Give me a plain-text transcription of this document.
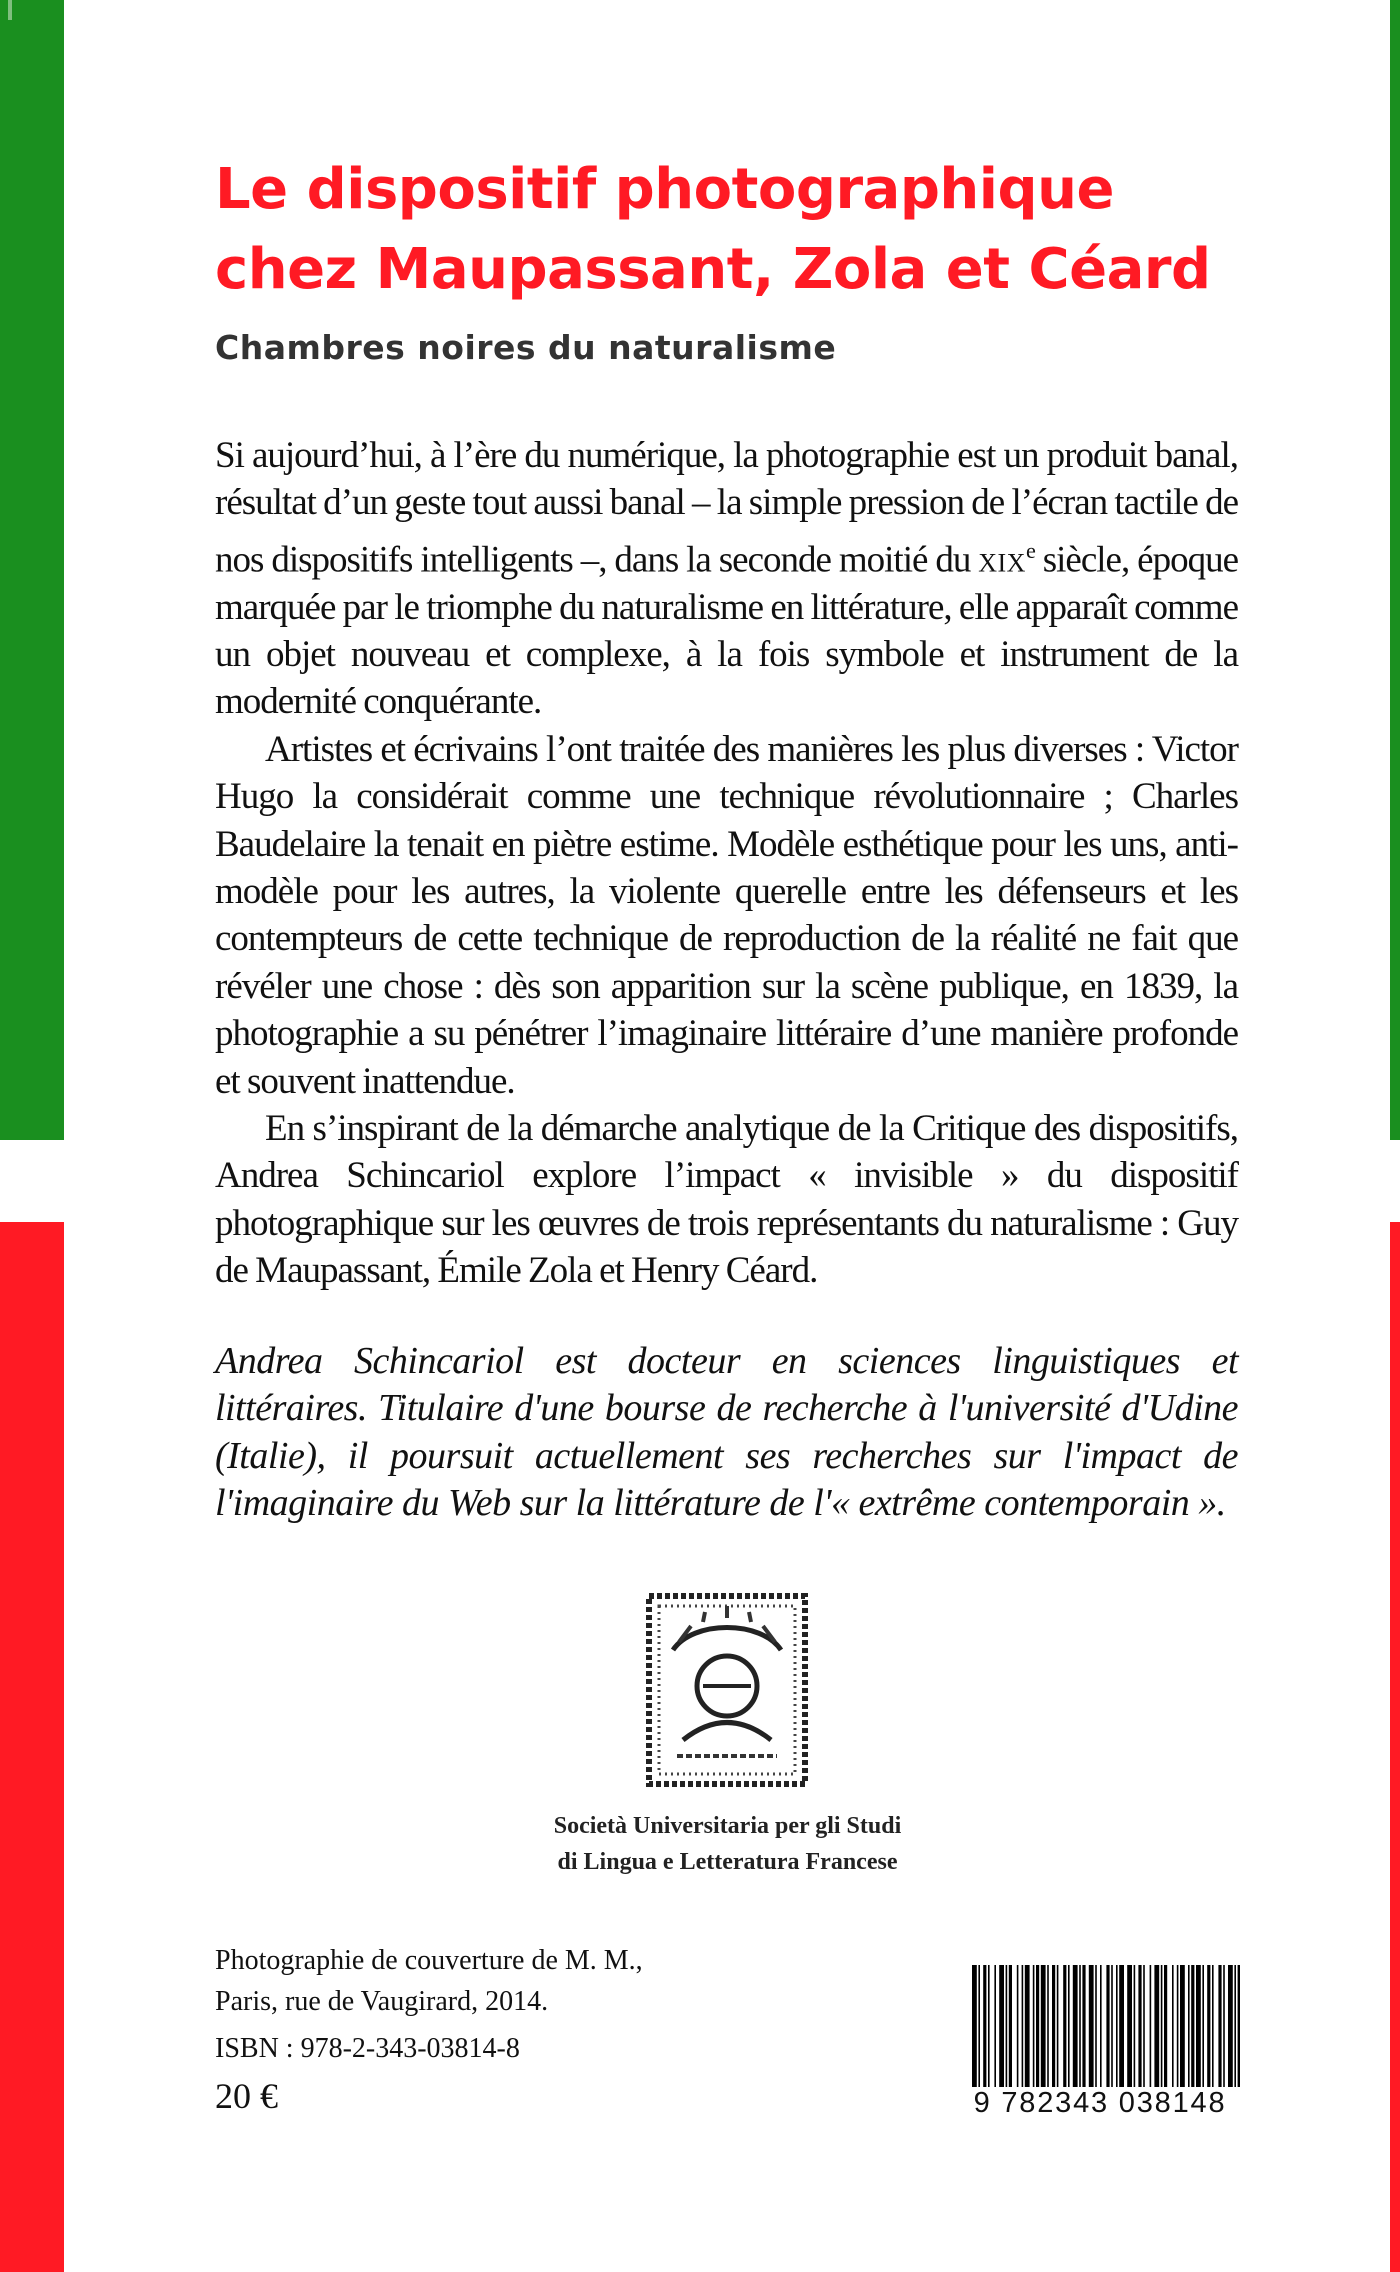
Le dispositif photographique
chez Maupassant, Zola et Céard
Chambres noires du naturalisme

Si aujourd’hui, à l’ère du numérique, la photographie est un produit banal, résultat d’un geste tout aussi banal – la simple pression de l’écran tactile de nos dispositifs intelligents –, dans la seconde moitié du xix$^e$ siècle, époque marquée par le triomphe du naturalisme en littérature, elle apparaît comme un objet nouveau et complexe, à la fois symbole et instrument de la modernité conquérante.

Artistes et écrivains l’ont traitée des manières les plus diverses : Victor Hugo la considérait comme une technique révolutionnaire ; Charles Baudelaire la tenait en piètre estime. Modèle esthétique pour les uns, anti-modèle pour les autres, la violente querelle entre les défenseurs et les contempteurs de cette technique de reproduction de la réalité ne fait que révéler une chose : dès son apparition sur la scène publique, en 1839, la photographie a su pénétrer l’imaginaire littéraire d’une manière profonde et souvent inattendue.

En s’inspirant de la démarche analytique de la Critique des dispositifs, Andrea Schincariol explore l’impact « invisible » du dispositif photographique sur les œuvres de trois représentants du naturalisme : Guy de Maupassant, Émile Zola et Henry Céard.

Andrea Schincariol est docteur en sciences linguistiques et littéraires. Titulaire d'une bourse de recherche à l'université d'Udine (Italie), il poursuit actuellement ses recherches sur l'impact de l'imaginaire du Web sur la littérature de l'« extrême contemporain ».

Società Universitaria per gli Studi
di Lingua e Letteratura Francese

Photographie de couverture de M. M.,
Paris, rue de Vaugirard, 2014.
ISBN : 978-2-343-03814-8
20 €	9 782343 038148
